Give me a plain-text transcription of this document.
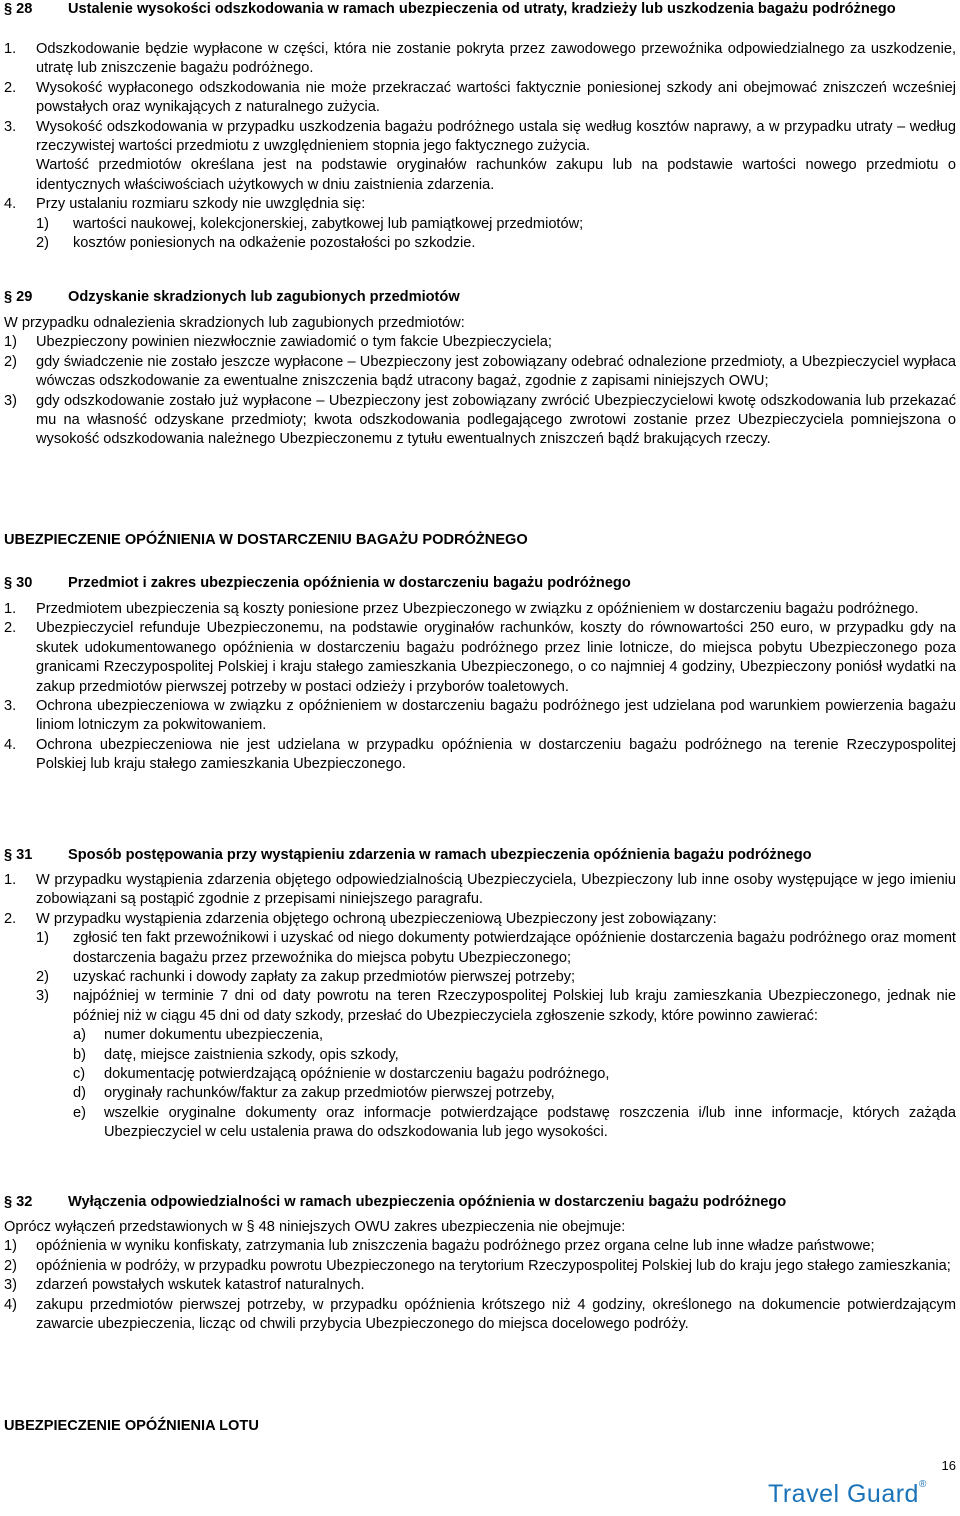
§ 28	Ustalenie wysokości odszkodowania w ramach ubezpieczenia od utraty, kradzieży lub uszkodzenia bagażu podróżnego
1.	Odszkodowanie będzie wypłacone w części, która nie zostanie pokryta przez zawodowego przewoźnika odpowiedzialnego za uszkodzenie, utratę lub zniszczenie bagażu podróżnego.
2.	Wysokość wypłaconego odszkodowania nie może przekraczać wartości faktycznie poniesionej szkody ani obejmować zniszczeń wcześniej powstałych oraz wynikających z naturalnego zużycia.
3.	Wysokość odszkodowania w przypadku uszkodzenia bagażu podróżnego ustala się według kosztów naprawy, a w przypadku utraty – według rzeczywistej wartości przedmiotu z uwzględnieniem stopnia jego faktycznego zużycia.
Wartość przedmiotów określana jest na podstawie oryginałów rachunków zakupu lub na podstawie wartości nowego przedmiotu o identycznych właściwościach użytkowych w dniu zaistnienia zdarzenia.
4.	Przy ustalaniu rozmiaru szkody nie uwzględnia się:
1)	wartości naukowej, kolekcjonerskiej, zabytkowej lub pamiątkowej przedmiotów;
2)	kosztów poniesionych na odkażenie pozostałości po szkodzie.
§ 29	Odzyskanie skradzionych lub zagubionych przedmiotów
W przypadku odnalezienia skradzionych lub zagubionych przedmiotów:
1)	Ubezpieczony powinien niezwłocznie zawiadomić o tym fakcie Ubezpieczyciela;
2)	gdy świadczenie nie zostało jeszcze wypłacone – Ubezpieczony jest zobowiązany odebrać odnalezione przedmioty, a Ubezpieczyciel wypłaca wówczas odszkodowanie za ewentualne zniszczenia bądź utracony bagaż, zgodnie z zapisami niniejszych OWU;
3)	gdy odszkodowanie zostało już wypłacone – Ubezpieczony jest zobowiązany zwrócić Ubezpieczycielowi kwotę odszkodowania lub przekazać mu na własność odzyskane przedmioty; kwota odszkodowania podlegającego zwrotowi zostanie przez Ubezpieczyciela pomniejszona o wysokość odszkodowania należnego Ubezpieczonemu z tytułu ewentualnych zniszczeń bądź brakujących rzeczy.
UBEZPIECZENIE OPÓŹNIENIA W DOSTARCZENIU BAGAŻU PODRÓŻNEGO
§ 30	Przedmiot i zakres ubezpieczenia opóźnienia w dostarczeniu bagażu podróżnego
1.	Przedmiotem ubezpieczenia są koszty poniesione przez Ubezpieczonego w związku z opóźnieniem w dostarczeniu bagażu podróżnego.
2.	Ubezpieczyciel refunduje Ubezpieczonemu, na podstawie oryginałów rachunków, koszty do równowartości 250 euro, w przypadku gdy na skutek udokumentowanego opóźnienia w dostarczeniu bagażu podróżnego przez linie lotnicze, do miejsca pobytu Ubezpieczonego poza granicami Rzeczypospolitej Polskiej i kraju stałego zamieszkania Ubezpieczonego, o co najmniej 4 godziny, Ubezpieczony poniósł wydatki na zakup przedmiotów pierwszej potrzeby w postaci odzieży i przyborów toaletowych.
3.	Ochrona ubezpieczeniowa w związku z opóźnieniem w dostarczeniu bagażu podróżnego jest udzielana pod warunkiem powierzenia bagażu liniom lotniczym za pokwitowaniem.
4.	Ochrona ubezpieczeniowa nie jest udzielana w przypadku opóźnienia w dostarczeniu bagażu podróżnego na terenie Rzeczypospolitej Polskiej lub kraju stałego zamieszkania Ubezpieczonego.
§ 31	Sposób postępowania przy wystąpieniu zdarzenia w ramach ubezpieczenia opóźnienia bagażu podróżnego
1.	W przypadku wystąpienia zdarzenia objętego odpowiedzialnością Ubezpieczyciela, Ubezpieczony lub inne osoby występujące w jego imieniu zobowiązani są postąpić zgodnie z przepisami niniejszego paragrafu.
2.	W przypadku wystąpienia zdarzenia objętego ochroną ubezpieczeniową Ubezpieczony jest zobowiązany:
1)	zgłosić ten fakt przewoźnikowi i uzyskać od niego dokumenty potwierdzające opóźnienie dostarczenia bagażu podróżnego oraz moment dostarczenia bagażu przez przewoźnika do miejsca pobytu Ubezpieczonego;
2)	uzyskać rachunki i dowody zapłaty za zakup przedmiotów pierwszej potrzeby;
3)	najpóźniej w terminie 7 dni od daty powrotu na teren Rzeczypospolitej Polskiej lub kraju zamieszkania Ubezpieczonego, jednak nie później niż w ciągu 45 dni od daty szkody, przesłać do Ubezpieczyciela zgłoszenie szkody, które powinno zawierać:
a)	numer dokumentu ubezpieczenia,
b)	datę, miejsce zaistnienia szkody, opis szkody,
c)	dokumentację potwierdzającą opóźnienie w dostarczeniu bagażu podróżnego,
d)	oryginały rachunków/faktur za zakup przedmiotów pierwszej potrzeby,
e)	wszelkie oryginalne dokumenty oraz informacje potwierdzające podstawę roszczenia i/lub inne informacje, których zażąda Ubezpieczyciel w celu ustalenia prawa do odszkodowania lub jego wysokości.
§ 32	Wyłączenia odpowiedzialności w ramach ubezpieczenia opóźnienia w dostarczeniu bagażu podróżnego
Oprócz wyłączeń przedstawionych w § 48 niniejszych OWU zakres ubezpieczenia nie obejmuje:
1)	opóźnienia w wyniku konfiskaty, zatrzymania lub zniszczenia bagażu podróżnego przez organa celne lub inne władze państwowe;
2)	opóźnienia w podróży, w przypadku powrotu Ubezpieczonego na terytorium Rzeczypospolitej Polskiej lub do kraju jego stałego zamieszkania;
3)	zdarzeń powstałych wskutek katastrof naturalnych.
4)	zakupu przedmiotów pierwszej potrzeby, w przypadku opóźnienia krótszego niż 4 godziny, określonego na dokumencie potwierdzającym zawarcie ubezpieczenia, licząc od chwili przybycia Ubezpieczonego do miejsca docelowego podróży.
UBEZPIECZENIE OPÓŹNIENIA LOTU
16
Travel Guard®
